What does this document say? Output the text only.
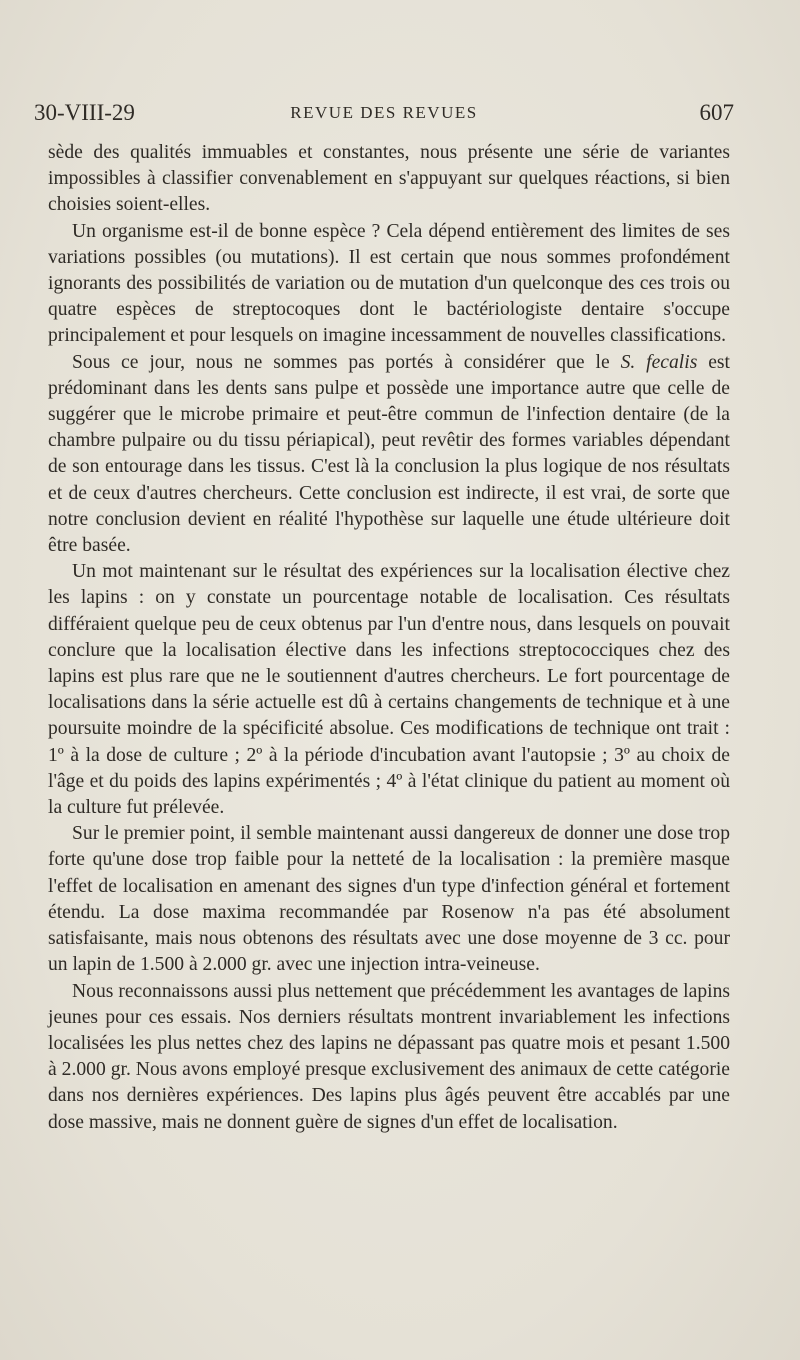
30-VIII-29	REVUE DES REVUES	607

sède des qualités immuables et constantes, nous présente une série de variantes impossibles à classifier convenablement en s'appuyant sur quelques réactions, si bien choisies soient-elles.

Un organisme est-il de bonne espèce ? Cela dépend entièrement des limites de ses variations possibles (ou mutations). Il est certain que nous sommes profondément ignorants des possibilités de variation ou de mutation d'un quelconque des ces trois ou quatre espèces de streptocoques dont le bactériologiste dentaire s'occupe principalement et pour lesquels on imagine incessamment de nouvelles classifications.

Sous ce jour, nous ne sommes pas portés à considérer que le S. fecalis est prédominant dans les dents sans pulpe et possède une importance autre que celle de suggérer que le microbe primaire et peut-être commun de l'infection dentaire (de la chambre pulpaire ou du tissu périapical), peut revêtir des formes variables dépendant de son entourage dans les tissus. C'est là la conclusion la plus logique de nos résultats et de ceux d'autres chercheurs. Cette conclusion est indirecte, il est vrai, de sorte que notre conclusion devient en réalité l'hypothèse sur laquelle une étude ultérieure doit être basée.

Un mot maintenant sur le résultat des expériences sur la localisation élective chez les lapins : on y constate un pourcentage notable de localisation. Ces résultats différaient quelque peu de ceux obtenus par l'un d'entre nous, dans lesquels on pouvait conclure que la localisation élective dans les infections streptococciques chez des lapins est plus rare que ne le soutiennent d'autres chercheurs. Le fort pourcentage de localisations dans la série actuelle est dû à certains changements de technique et à une poursuite moindre de la spécificité absolue. Ces modifications de technique ont trait : 1º à la dose de culture ; 2º à la période d'incubation avant l'autopsie ; 3º au choix de l'âge et du poids des lapins expérimentés ; 4º à l'état clinique du patient au moment où la culture fut prélevée.

Sur le premier point, il semble maintenant aussi dangereux de donner une dose trop forte qu'une dose trop faible pour la netteté de la localisation : la première masque l'effet de localisation en amenant des signes d'un type d'infection général et fortement étendu. La dose maxima recommandée par Rosenow n'a pas été absolument satisfaisante, mais nous obtenons des résultats avec une dose moyenne de 3 cc. pour un lapin de 1.500 à 2.000 gr. avec une injection intra-veineuse.

Nous reconnaissons aussi plus nettement que précédemment les avantages de lapins jeunes pour ces essais. Nos derniers résultats montrent invariablement les infections localisées les plus nettes chez des lapins ne dépassant pas quatre mois et pesant 1.500 à 2.000 gr. Nous avons employé presque exclusivement des animaux de cette catégorie dans nos dernières expériences. Des lapins plus âgés peuvent être accablés par une dose massive, mais ne donnent guère de signes d'un effet de localisation.
